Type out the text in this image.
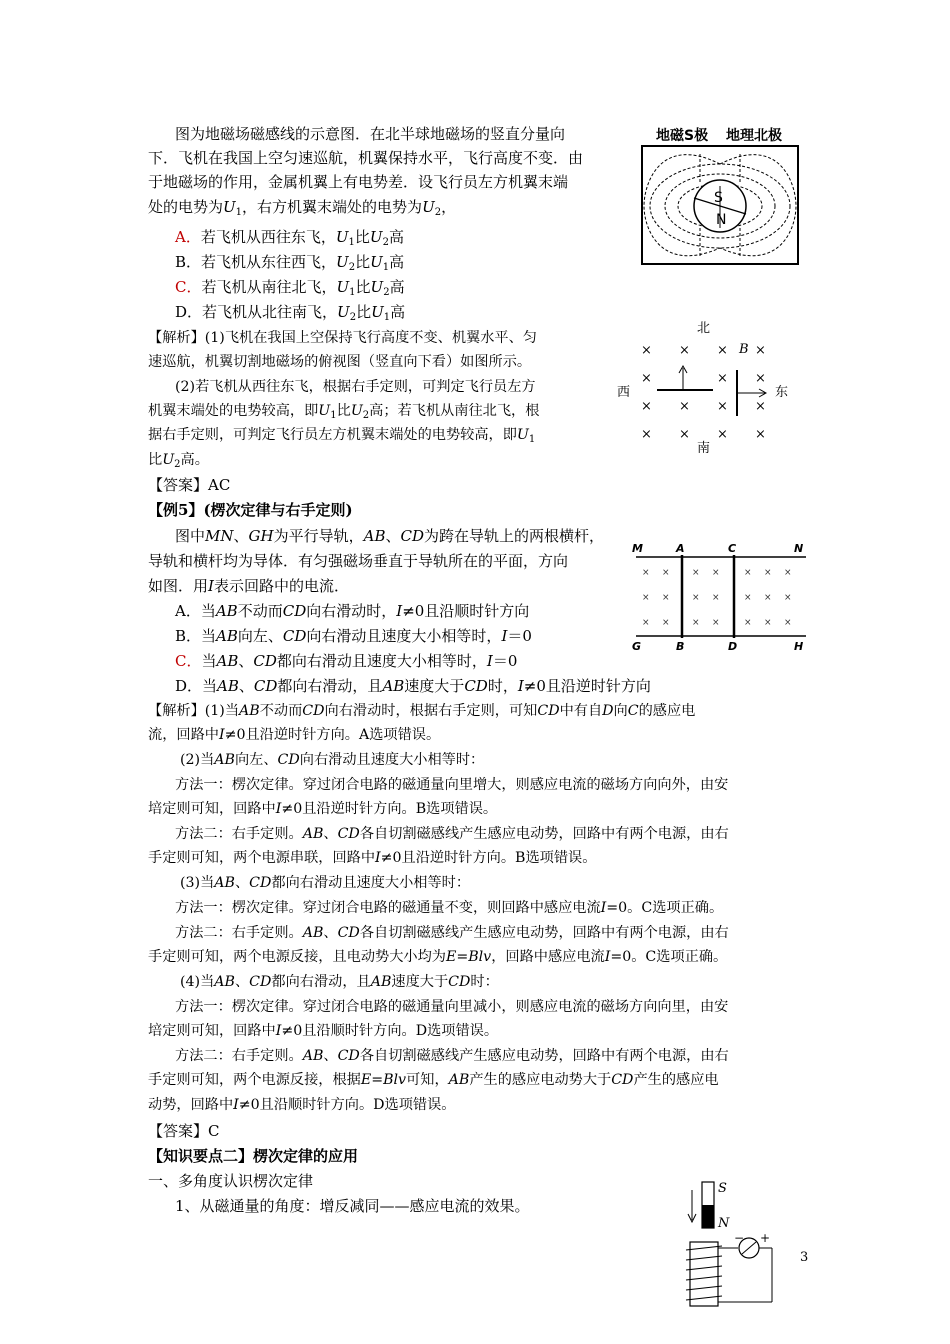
图为地磁场磁感线的示意图．在北半球地磁场的竖直分量向
下．飞机在我国上空匀速巡航，机翼保持水平，飞行高度不变．由
于地磁场的作用，金属机翼上有电势差．设飞行员左方机翼末端
处的电势为$U_1$，右方机翼末端处的电势为$U_2$，
A．若飞机从西往东飞，$U_1$比$U_2$高
B．若飞机从东往西飞，$U_2$比$U_1$高
C．若飞机从南往北飞，$U_1$比$U_2$高
D．若飞机从北往南飞，$U_2$比$U_1$高
【解析】(1)飞机在我国上空保持飞行高度不变、机翼水平、匀
速巡航，机翼切割地磁场的俯视图（竖直向下看）如图所示。
(2)若飞机从西往东飞，根据右手定则，可判定飞行员左方
机翼末端处的电势较高，即$U_1$比$U_2$高；若飞机从南往北飞，根
据右手定则，可判定飞行员左方机翼末端处的电势较高，即$U_1$
比$U_2$高。
【答案】AC
地磁S极 地理北极
S
N
北
南
西	东
B
× × × ×
×	× ×
× × × ×
× × × ×
【例5】(楞次定律与右手定则)
图中MN、GH为平行导轨，AB、CD为跨在导轨上的两根横杆，
导轨和横杆均为导体．有匀强磁场垂直于导轨所在的平面，方向
如图．用I表示回路中的电流．
A．当AB不动而CD向右滑动时，I≠0且沿顺时针方向
B．当AB向左、CD向右滑动且速度大小相等时，I＝0
C．当AB、CD都向右滑动且速度大小相等时，I＝0
D．当AB、CD都向右滑动，且AB速度大于CD时，I≠0且沿逆时针方向
M	A	C	N
G	B	D	H
× × × ×	× × ×
× × × ×	× × ×
× × × ×	× × ×
【解析】(1)当AB不动而CD向右滑动时，根据右手定则，可知CD中有自D向C的感应电
流，回路中I≠0且沿逆时针方向。A选项错误。
(2)当AB向左、CD向右滑动且速度大小相等时：
方法一：楞次定律。穿过闭合电路的磁通量向里增大，则感应电流的磁场方向向外，由安
培定则可知，回路中I≠0且沿逆时针方向。B选项错误。
方法二：右手定则。AB、CD各自切割磁感线产生感应电动势，回路中有两个电源，由右
手定则可知，两个电源串联，回路中I≠0且沿逆时针方向。B选项错误。
(3)当AB、CD都向右滑动且速度大小相等时：
方法一：楞次定律。穿过闭合电路的磁通量不变，则回路中感应电流I=0。C选项正确。
方法二：右手定则。AB、CD各自切割磁感线产生感应电动势，回路中有两个电源，由右
手定则可知，两个电源反接，且电动势大小均为E=Blv，回路中感应电流I=0。C选项正确。
(4)当AB、CD都向右滑动，且AB速度大于CD时：
方法一：楞次定律。穿过闭合电路的磁通量向里减小，则感应电流的磁场方向向里，由安
培定则可知，回路中I≠0且沿顺时针方向。D选项错误。
方法二：右手定则。AB、CD各自切割磁感线产生感应电动势，回路中有两个电源，由右
手定则可知，两个电源反接，根据E=Blv可知，AB产生的感应电动势大于CD产生的感应电
动势，回路中I≠0且沿顺时针方向。D选项错误。
【答案】C
【知识要点二】楞次定律的应用
一、多角度认识楞次定律
1、从磁通量的角度：增反减同——感应电流的效果。
S
N
− +
3
